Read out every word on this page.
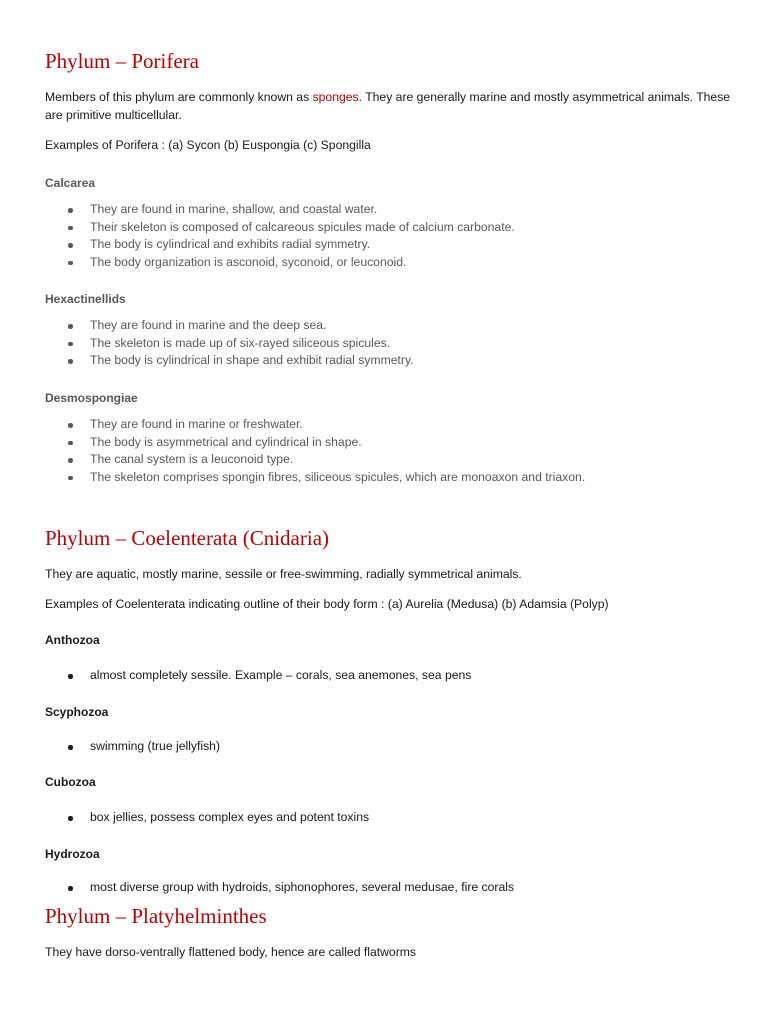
Phylum – Porifera

Members of this phylum are commonly known as sponges. They are generally marine and mostly asymmetrical animals. These are primitive multicellular.

Examples of Porifera : (a) Sycon (b) Euspongia (c) Spongilla

Calcarea
They are found in marine, shallow, and coastal water.
Their skeleton is composed of calcareous spicules made of calcium carbonate.
The body is cylindrical and exhibits radial symmetry.
The body organization is asconoid, syconoid, or leuconoid.
Hexactinellids
They are found in marine and the deep sea.
The skeleton is made up of six-rayed siliceous spicules.
The body is cylindrical in shape and exhibit radial symmetry.
Desmospongiae
They are found in marine or freshwater.
The body is asymmetrical and cylindrical in shape.
The canal system is a leuconoid type.
The skeleton comprises spongin fibres, siliceous spicules, which are monoaxon and triaxon.
Phylum – Coelenterata (Cnidaria)

They are aquatic, mostly marine, sessile or free-swimming, radially symmetrical animals.

Examples of Coelenterata indicating outline of their body form : (a) Aurelia (Medusa) (b) Adamsia (Polyp)

Anthozoa
almost completely sessile. Example – corals, sea anemones, sea pens
Scyphozoa
swimming (true jellyfish)
Cubozoa
box jellies, possess complex eyes and potent toxins
Hydrozoa
most diverse group with hydroids, siphonophores, several medusae, fire corals
Phylum – Platyhelminthes

They have dorso-ventrally flattened body, hence are called flatworms
